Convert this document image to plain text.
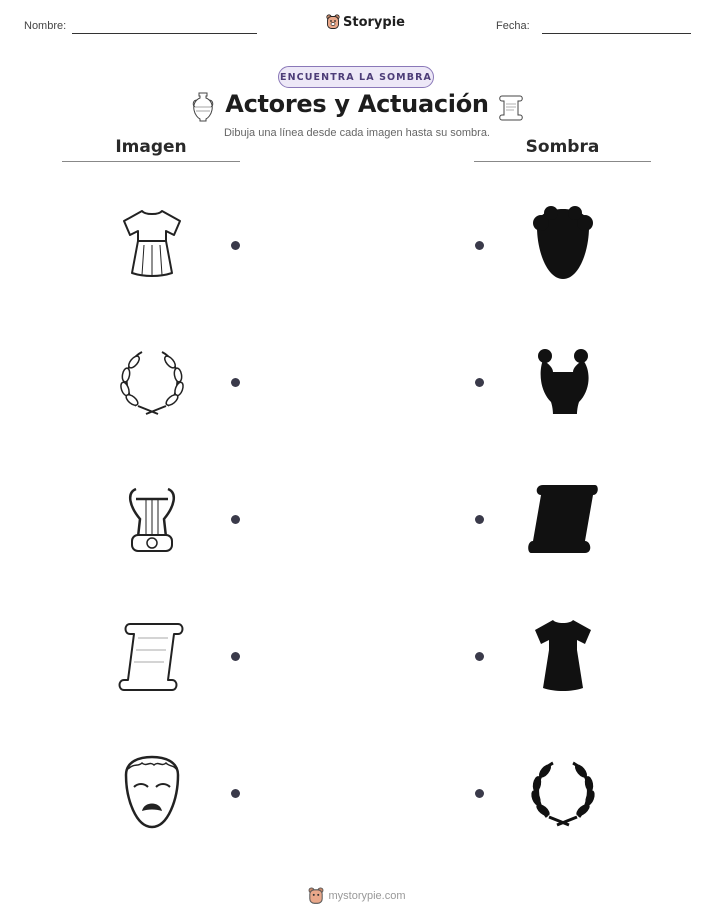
Nombre:	Storypie	Fecha:
ENCUENTRA LA SOMBRA
Actores y Actuación
Dibuja una línea desde cada imagen hasta su sombra.
Imagen	Sombra
mystorypie.com
